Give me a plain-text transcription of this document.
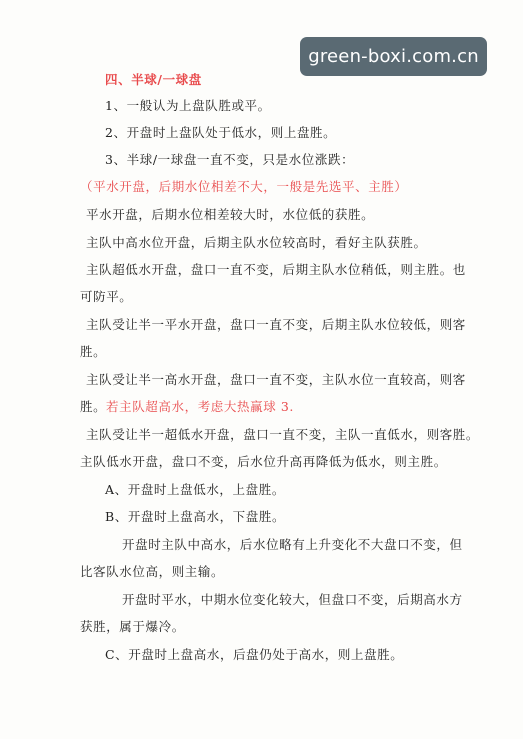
green-boxi.com.cn
四、半球/一球盘
1、一般认为上盘队胜或平。
2、开盘时上盘队处于低水，则上盘胜。
3、半球/一球盘一直不变，只是水位涨跌：
（平水开盘，后期水位相差不大，一般是先选平、主胜）
平水开盘，后期水位相差较大时，水位低的获胜。
主队中高水位开盘，后期主队水位较高时，看好主队获胜。
主队超低水开盘，盘口一直不变，后期主队水位稍低，则主胜。也
可防平。
主队受让半一平水开盘，盘口一直不变，后期主队水位较低，则客
胜。
主队受让半一高水开盘，盘口一直不变，主队水位一直较高，则客
胜。 若主队超高水，考虑大热赢球 3.
主队受让半一超低水开盘，盘口一直不变，主队一直低水，则客胜。
主队低水开盘，盘口不变，后水位升高再降低为低水，则主胜。
A、开盘时上盘低水，上盘胜。
B、开盘时上盘高水，下盘胜。
开盘时主队中高水，后水位略有上升变化不大盘口不变，但
比客队水位高，则主输。
开盘时平水，中期水位变化较大，但盘口不变，后期高水方
获胜，属于爆冷。
C、开盘时上盘高水，后盘仍处于高水，则上盘胜。
